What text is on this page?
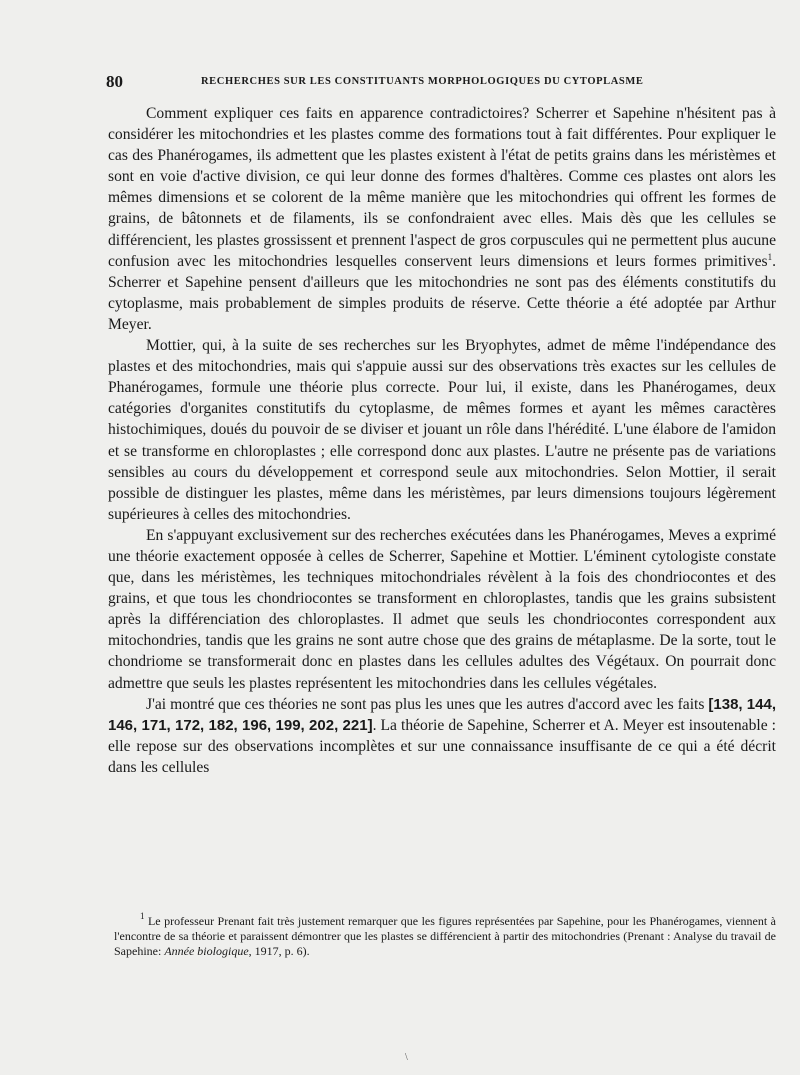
80	RECHERCHES SUR LES CONSTITUANTS MORPHOLOGIQUES DU CYTOPLASME

Comment expliquer ces faits en apparence contradictoires? Scherrer et Sapehine n'hésitent pas à considérer les mitochondries et les plastes comme des formations tout à fait différentes. Pour expliquer le cas des Phanérogames, ils admettent que les plastes existent à l'état de petits grains dans les méristèmes et sont en voie d'active division, ce qui leur donne des formes d'haltères. Comme ces plastes ont alors les mêmes dimensions et se colorent de la même manière que les mitochondries qui offrent les formes de grains, de bâtonnets et de filaments, ils se confondraient avec elles. Mais dès que les cellules se différencient, les plastes grossissent et prennent l'aspect de gros corpuscules qui ne permettent plus aucune confusion avec les mitochondries lesquelles conservent leurs dimensions et leurs formes primitives$^1$. Scherrer et Sapehine pensent d'ailleurs que les mitochondries ne sont pas des éléments constitutifs du cytoplasme, mais probablement de simples produits de réserve. Cette théorie a été adoptée par Arthur Meyer.

Mottier, qui, à la suite de ses recherches sur les Bryophytes, admet de même l'indépendance des plastes et des mitochondries, mais qui s'appuie aussi sur des observations très exactes sur les cellules de Phanérogames, formule une théorie plus correcte. Pour lui, il existe, dans les Phanérogames, deux catégories d'organites constitutifs du cytoplasme, de mêmes formes et ayant les mêmes caractères histochimiques, doués du pouvoir de se diviser et jouant un rôle dans l'hérédité. L'une élabore de l'amidon et se transforme en chloroplastes ; elle correspond donc aux plastes. L'autre ne présente pas de variations sensibles au cours du développement et correspond seule aux mitochondries. Selon Mottier, il serait possible de distinguer les plastes, même dans les méristèmes, par leurs dimensions toujours légèrement supérieures à celles des mitochondries.

En s'appuyant exclusivement sur des recherches exécutées dans les Phanérogames, Meves a exprimé une théorie exactement opposée à celles de Scherrer, Sapehine et Mottier. L'éminent cytologiste constate que, dans les méristèmes, les techniques mitochondriales révèlent à la fois des chondriocontes et des grains, et que tous les chondriocontes se transforment en chloroplastes, tandis que les grains subsistent après la différenciation des chloroplastes. Il admet que seuls les chondriocontes correspondent aux mitochondries, tandis que les grains ne sont autre chose que des grains de métaplasme. De la sorte, tout le chondriome se transformerait donc en plastes dans les cellules adultes des Végétaux. On pourrait donc admettre que seuls les plastes représentent les mitochondries dans les cellules végétales.

J'ai montré que ces théories ne sont pas plus les unes que les autres d'accord avec les faits [138, 144, 146, 171, 172, 182, 196, 199, 202, 221]. La théorie de Sapehine, Scherrer et A. Meyer est insoutenable : elle repose sur des observations incomplètes et sur une connaissance insuffisante de ce qui a été décrit dans les cellules

$^1$ Le professeur Prenant fait très justement remarquer que les figures représentées par Sapehine, pour les Phanérogames, viennent à l'encontre de sa théorie et paraissent démontrer que les plastes se différencient à partir des mitochondries (Prenant : Analyse du travail de Sapehine: Année biologique, 1917, p. 6).

\
